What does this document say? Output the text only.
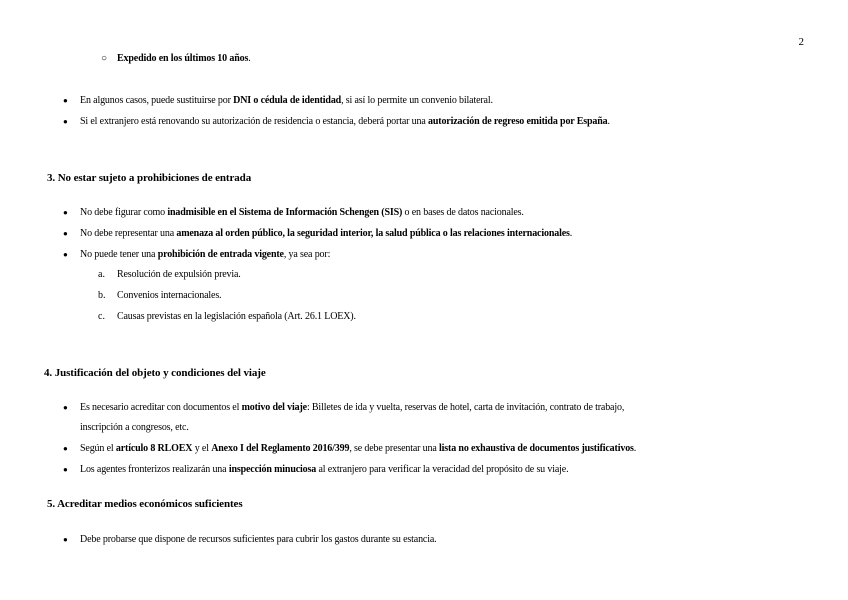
2
○ Expedido en los últimos 10 años.
● En algunos casos, puede sustituirse por DNI o cédula de identidad, si así lo permite un convenio bilateral.
● Si el extranjero está renovando su autorización de residencia o estancia, deberá portar una autorización de regreso emitida por España.
3. No estar sujeto a prohibiciones de entrada
● No debe figurar como inadmisible en el Sistema de Información Schengen (SIS) o en bases de datos nacionales.
● No debe representar una amenaza al orden público, la seguridad interior, la salud pública o las relaciones internacionales.
● No puede tener una prohibición de entrada vigente, ya sea por:
a. Resolución de expulsión previa.
b. Convenios internacionales.
c. Causas previstas en la legislación española (Art. 26.1 LOEX).
4. Justificación del objeto y condiciones del viaje
● Es necesario acreditar con documentos el motivo del viaje: Billetes de ida y vuelta, reservas de hotel, carta de invitación, contrato de trabajo,
inscripción a congresos, etc.
● Según el artículo 8 RLOEX y el Anexo I del Reglamento 2016/399, se debe presentar una lista no exhaustiva de documentos justificativos.
● Los agentes fronterizos realizarán una inspección minuciosa al extranjero para verificar la veracidad del propósito de su viaje.
5. Acreditar medios económicos suficientes
● Debe probarse que dispone de recursos suficientes para cubrir los gastos durante su estancia.
